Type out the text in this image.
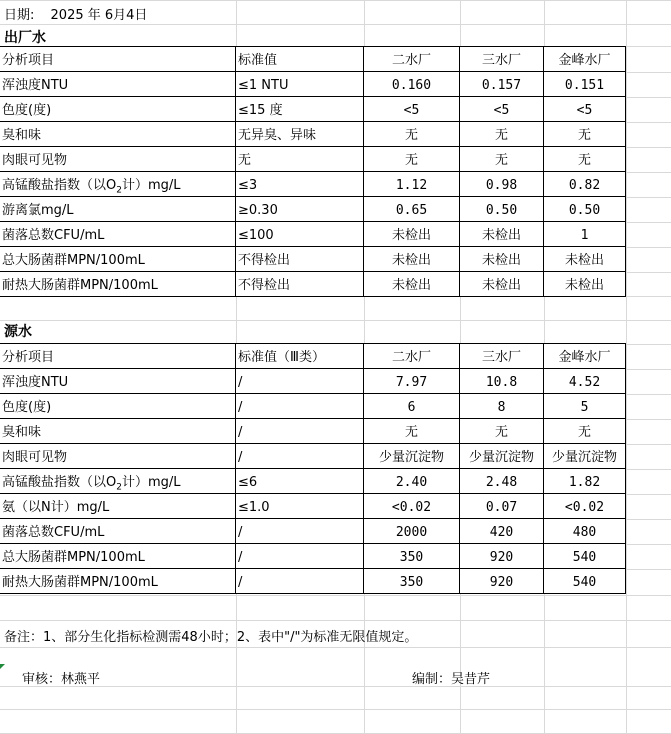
日期: 2025 年 6月4日
出厂水
源水
分析项目	标准值	二水厂	三水厂	金峰水厂
浑浊度NTU	≤1 NTU	0.160	0.157	0.151
色度(度)	≤15 度	<5	<5	<5
臭和味	无异臭、异味	无	无	无
肉眼可见物	无	无	无	无
高锰酸盐指数（以$O_2$计）mg/L	≤3	1.12	0.98	0.82
游离氯mg/L	≥0.30	0.65	0.50	0.50
菌落总数CFU/mL	≤100	未检出	未检出	1
总大肠菌群MPN/100mL	不得检出	未检出	未检出	未检出
耐热大肠菌群MPN/100mL	不得检出	未检出	未检出	未检出
分析项目	标准值（Ⅲ类）	二水厂	三水厂	金峰水厂
浑浊度NTU	/	7.97	10.8	4.52
色度(度)	/	6	8	5
臭和味	/	无	无	无
肉眼可见物	/	少量沉淀物	少量沉淀物	少量沉淀物
高锰酸盐指数（以$O_2$计）mg/L	≤6	2.40	2.48	1.82
氨（以N计）mg/L	≤1.0	<0.02	0.07	<0.02
菌落总数CFU/mL	/	2000	420	480
总大肠菌群MPN/100mL	/	350	920	540
耐热大肠菌群MPN/100mL	/	350	920	540
备注：1、部分生化指标检测需48小时；2、表中"/"为标准无限值规定。
审核：林燕平	编制：吴昔芹
